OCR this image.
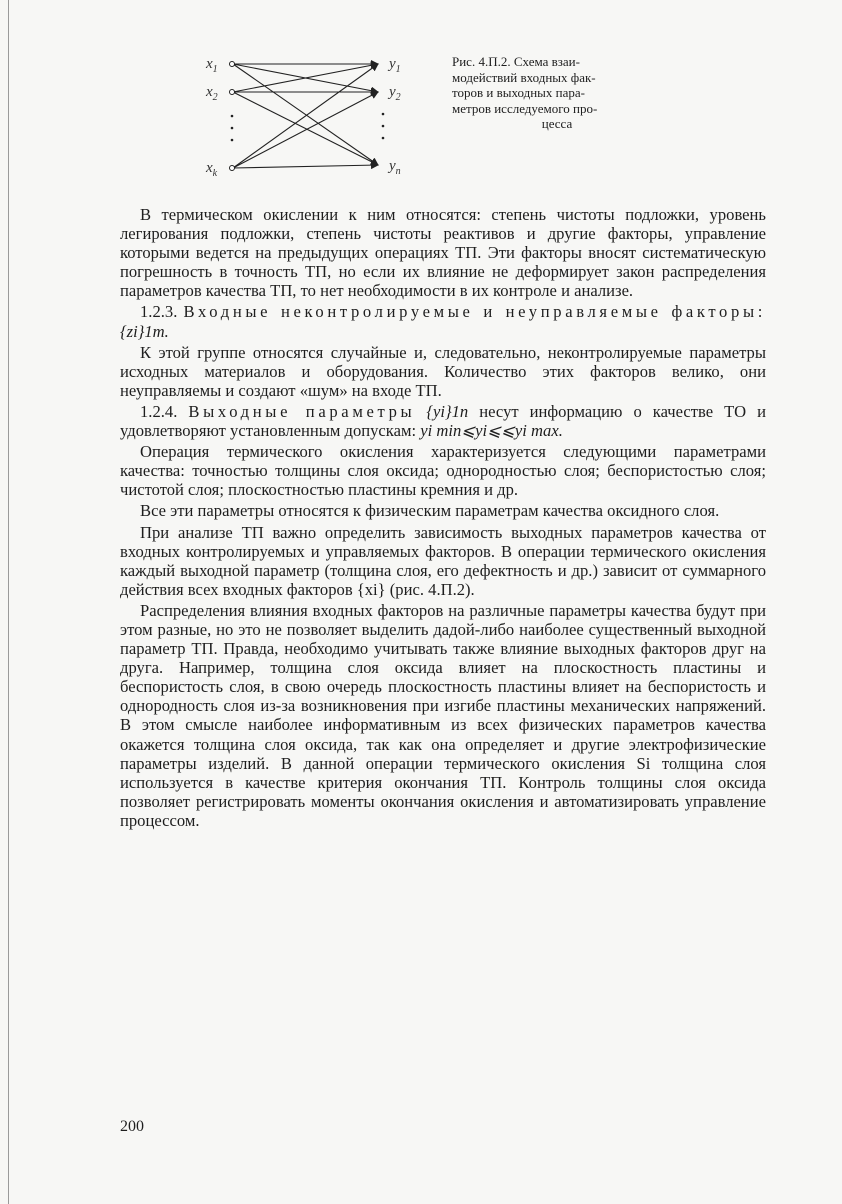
$x_1$
$x_2$
$x_k$
$y_1$
$y_2$
$y_n$
Рис. 4.П.2. Схема взаи-
модействий входных фак-
торов и выходных пара-
метров исследуемого про-

цесса

В термическом окислении к ним относятся: степень чистоты подложки, уровень легирования подложки, степень чистоты реактивов и другие факторы, управление которыми ведется на предыдущих операциях ТП. Эти факторы вносят систематическую погрешность в точность ТП, но если их влияние не деформирует закон распределения параметров качества ТП, то нет необходимости в их контроле и анализе.

1.2.3. Входные неконтролируемые и неуправляемые факторы: {zi}1m.

К этой группе относятся случайные и, следовательно, неконтролируемые параметры исходных материалов и оборудования. Количество этих факторов велико, они неуправляемы и создают «шум» на входе ТП.

1.2.4. Выходные параметры {yi}1n несут информацию о качестве ТО и удовлетворяют установленным допускам: yi min⩽yi⩽⩽yi max.

Операция термического окисления характеризуется следующими параметрами качества: точностью толщины слоя оксида; однородностью слоя; беспористостью слоя; чистотой слоя; плоскостностью пластины кремния и др.

Все эти параметры относятся к физическим параметрам качества оксидного слоя.

При анализе ТП важно определить зависимость выходных параметров качества от входных контролируемых и управляемых факторов. В операции термического окисления каждый выходной параметр (толщина слоя, его дефектность и др.) зависит от суммарного действия всех входных факторов {xi} (рис. 4.П.2).

Распределения влияния входных факторов на различные параметры качества будут при этом разные, но это не позволяет выделить дадой-либо наиболее существенный выходной параметр ТП. Правда, необходимо учитывать также влияние выходных факторов друг на друга. Например, толщина слоя оксида влияет на плоскостность пластины и беспористость слоя, в свою очередь плоскостность пластины влияет на беспористость и однородность слоя из-за возникновения при изгибе пластины механических напряжений. В этом смысле наиболее информативным из всех физических параметров качества окажется толщина слоя оксида, так как она определяет и другие электрофизические параметры изделий. В данной операции термического окисления Si толщина слоя используется в качестве критерия окончания ТП. Контроль толщины слоя оксида позволяет регистрировать моменты окончания окисления и автоматизировать управление процессом.

200
